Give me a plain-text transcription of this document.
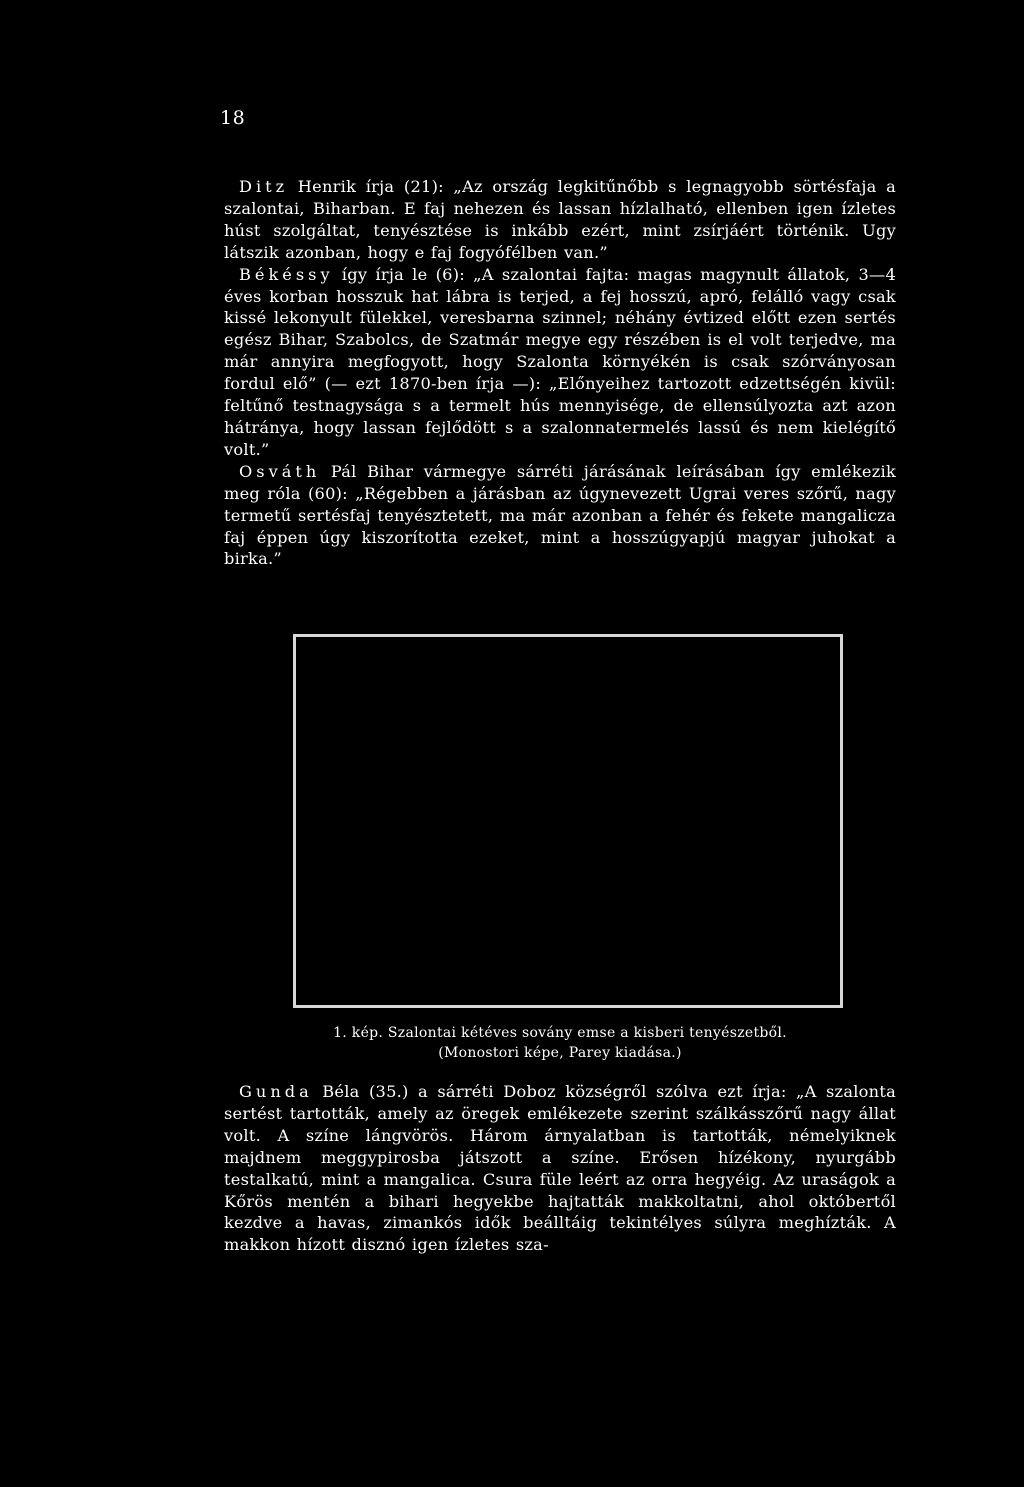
18

Ditz Henrik írja (21): „Az ország legkitűnőbb s legnagyobb sörtésfaja a szalontai, Biharban. E faj nehezen és lassan hízlalható, ellenben igen ízletes húst szolgáltat, tenyésztése is inkább ezért, mint zsírjáért történik. Ugy látszik azonban, hogy e faj fogyófélben van.”

Békéssy így írja le (6): „A szalontai fajta: magas magynult állatok, 3—4 éves korban hosszuk hat lábra is terjed, a fej hosszú, apró, felálló vagy csak kissé lekonyult fülekkel, veresbarna szinnel; néhány évtized előtt ezen sertés egész Bihar, Szabolcs, de Szatmár megye egy részében is el volt terjedve, ma már annyira megfogyott, hogy Szalonta környékén is csak szórványosan fordul elő” (— ezt 1870-ben írja —): „Előnyeihez tartozott edzettségén kivül: feltűnő testnagysága s a termelt hús mennyisége, de ellensúlyozta azt azon hátránya, hogy lassan fejlődött s a szalonnatermelés lassú és nem kielégítő volt.”

Osváth Pál Bihar vármegye sárréti járásának leírásában így emlékezik meg róla (60): „Régebben a járásban az úgynevezett Ugrai veres szőrű, nagy termetű sertésfaj tenyésztetett, ma már azonban a fehér és fekete mangalicza faj éppen úgy kiszorította ezeket, mint a hosszúgyapjú magyar juhokat a birka.”

1. kép. Szalontai kétéves sovány emse a kisberi tenyészetből.
(Monostori képe, Parey kiadása.)

Gunda Béla (35.) a sárréti Doboz községről szólva ezt írja: „A szalonta sertést tartották, amely az öregek emlékezete szerint szálkásszőrű nagy állat volt. A színe lángvörös. Három árnyalatban is tartották, némelyiknek majdnem meggypirosba játszott a színe. Erősen hízékony, nyurgább testalkatú, mint a mangalica. Csura füle leért az orra hegyéig. Az uraságok a Kőrös mentén a bihari hegyekbe hajtatták makkoltatni, ahol októbertől kezdve a havas, zimankós idők beálltáig tekintélyes súlyra meghízták. A makkon hízott disznó igen ízletes sza-
